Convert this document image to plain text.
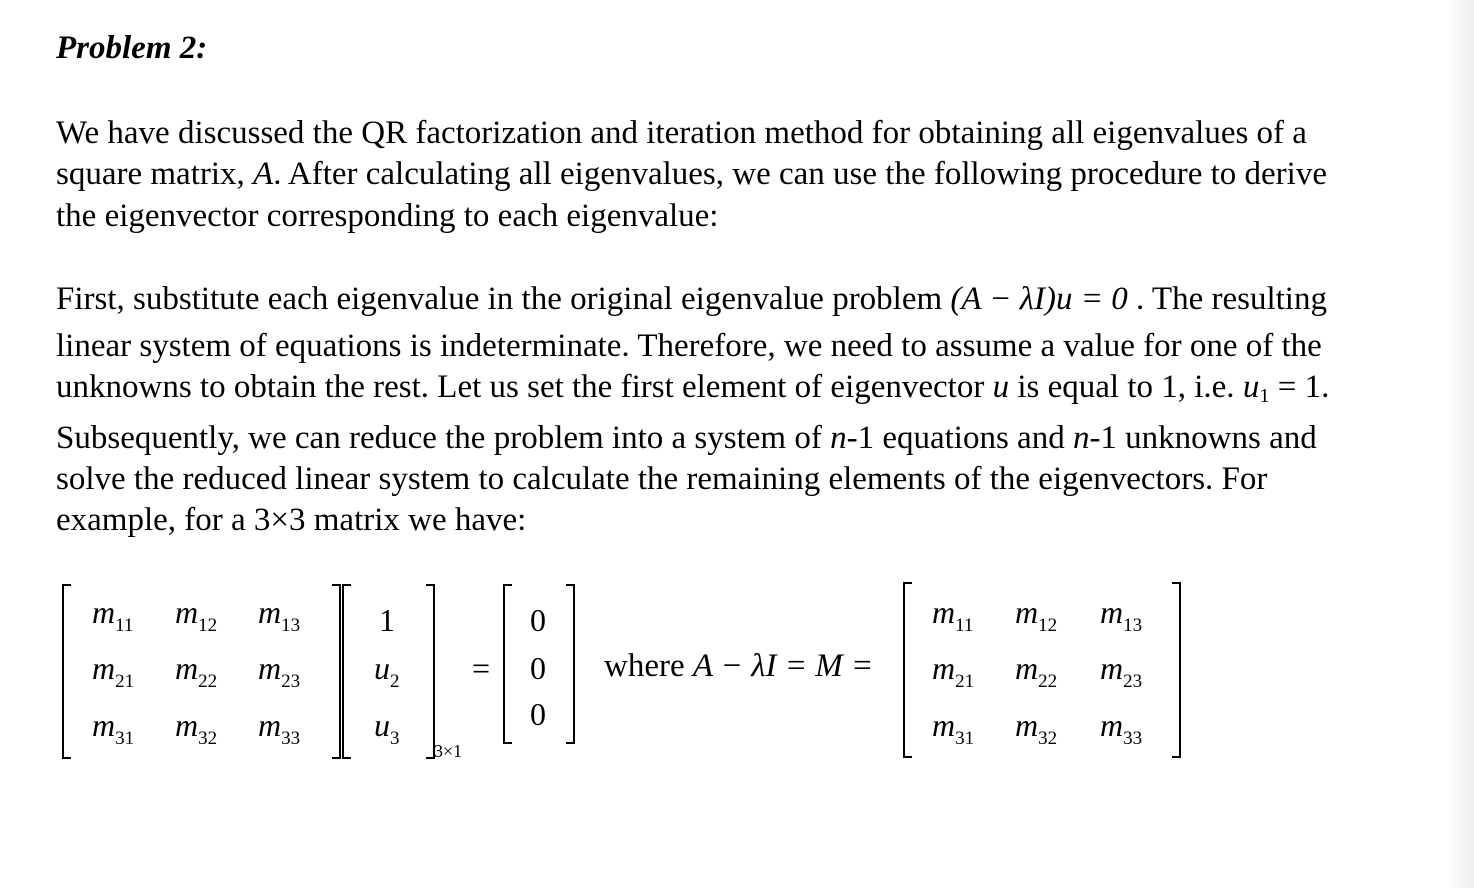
Problem 2:
We have discussed the QR factorization and iteration method for obtaining all eigenvalues of a
square matrix, A. After calculating all eigenvalues, we can use the following procedure to derive
the eigenvector corresponding to each eigenvalue:
First, substitute each eigenvalue in the original eigenvalue problem (A − λI)u = 0 . The resulting
linear system of equations is indeterminate. Therefore, we need to assume a value for one of the
unknowns to obtain the rest. Let us set the first element of eigenvector u is equal to 1, i.e. $u_1 = 1$.
Subsequently, we can reduce the problem into a system of n-1 equations and n-1 unknowns and
solve the reduced linear system to calculate the remaining elements of the eigenvectors. For
example, for a 3×3 matrix we have:
$m_{11}$ $m_{12}$ $m_{13}$
$m_{21}$ $m_{22}$ $m_{23}$
$m_{31}$ $m_{32}$ $m_{33}$
1
$u_2$
$u_3$
3×1
=
0
0
0
where A − λI = M =
$m_{11}$ $m_{12}$ $m_{13}$
$m_{21}$ $m_{22}$ $m_{23}$
$m_{31}$ $m_{32}$ $m_{33}$
